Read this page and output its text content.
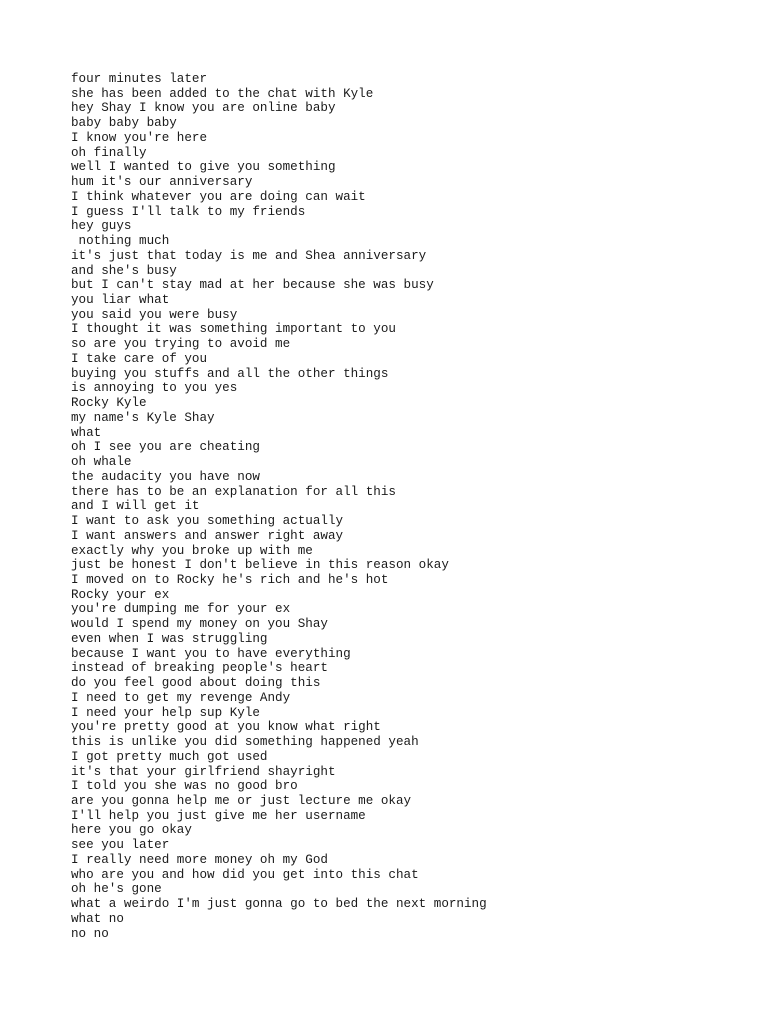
four minutes later
she has been added to the chat with Kyle
hey Shay I know you are online baby
baby baby baby
I know you're here
oh finally
well I wanted to give you something
hum it's our anniversary
I think whatever you are doing can wait
I guess I'll talk to my friends
hey guys
nothing much
it's just that today is me and Shea anniversary
and she's busy
but I can't stay mad at her because she was busy
you liar what
you said you were busy
I thought it was something important to you
so are you trying to avoid me
I take care of you
buying you stuffs and all the other things
is annoying to you yes
Rocky Kyle
my name's Kyle Shay
what
oh I see you are cheating
oh whale
the audacity you have now
there has to be an explanation for all this
and I will get it
I want to ask you something actually
I want answers and answer right away
exactly why you broke up with me
just be honest I don't believe in this reason okay
I moved on to Rocky he's rich and he's hot
Rocky your ex
you're dumping me for your ex
would I spend my money on you Shay
even when I was struggling
because I want you to have everything
instead of breaking people's heart
do you feel good about doing this
I need to get my revenge Andy
I need your help sup Kyle
you're pretty good at you know what right
this is unlike you did something happened yeah
I got pretty much got used
it's that your girlfriend shayright
I told you she was no good bro
are you gonna help me or just lecture me okay
I'll help you just give me her username
here you go okay
see you later
I really need more money oh my God
who are you and how did you get into this chat
oh he's gone
what a weirdo I'm just gonna go to bed the next morning
what no
no no
